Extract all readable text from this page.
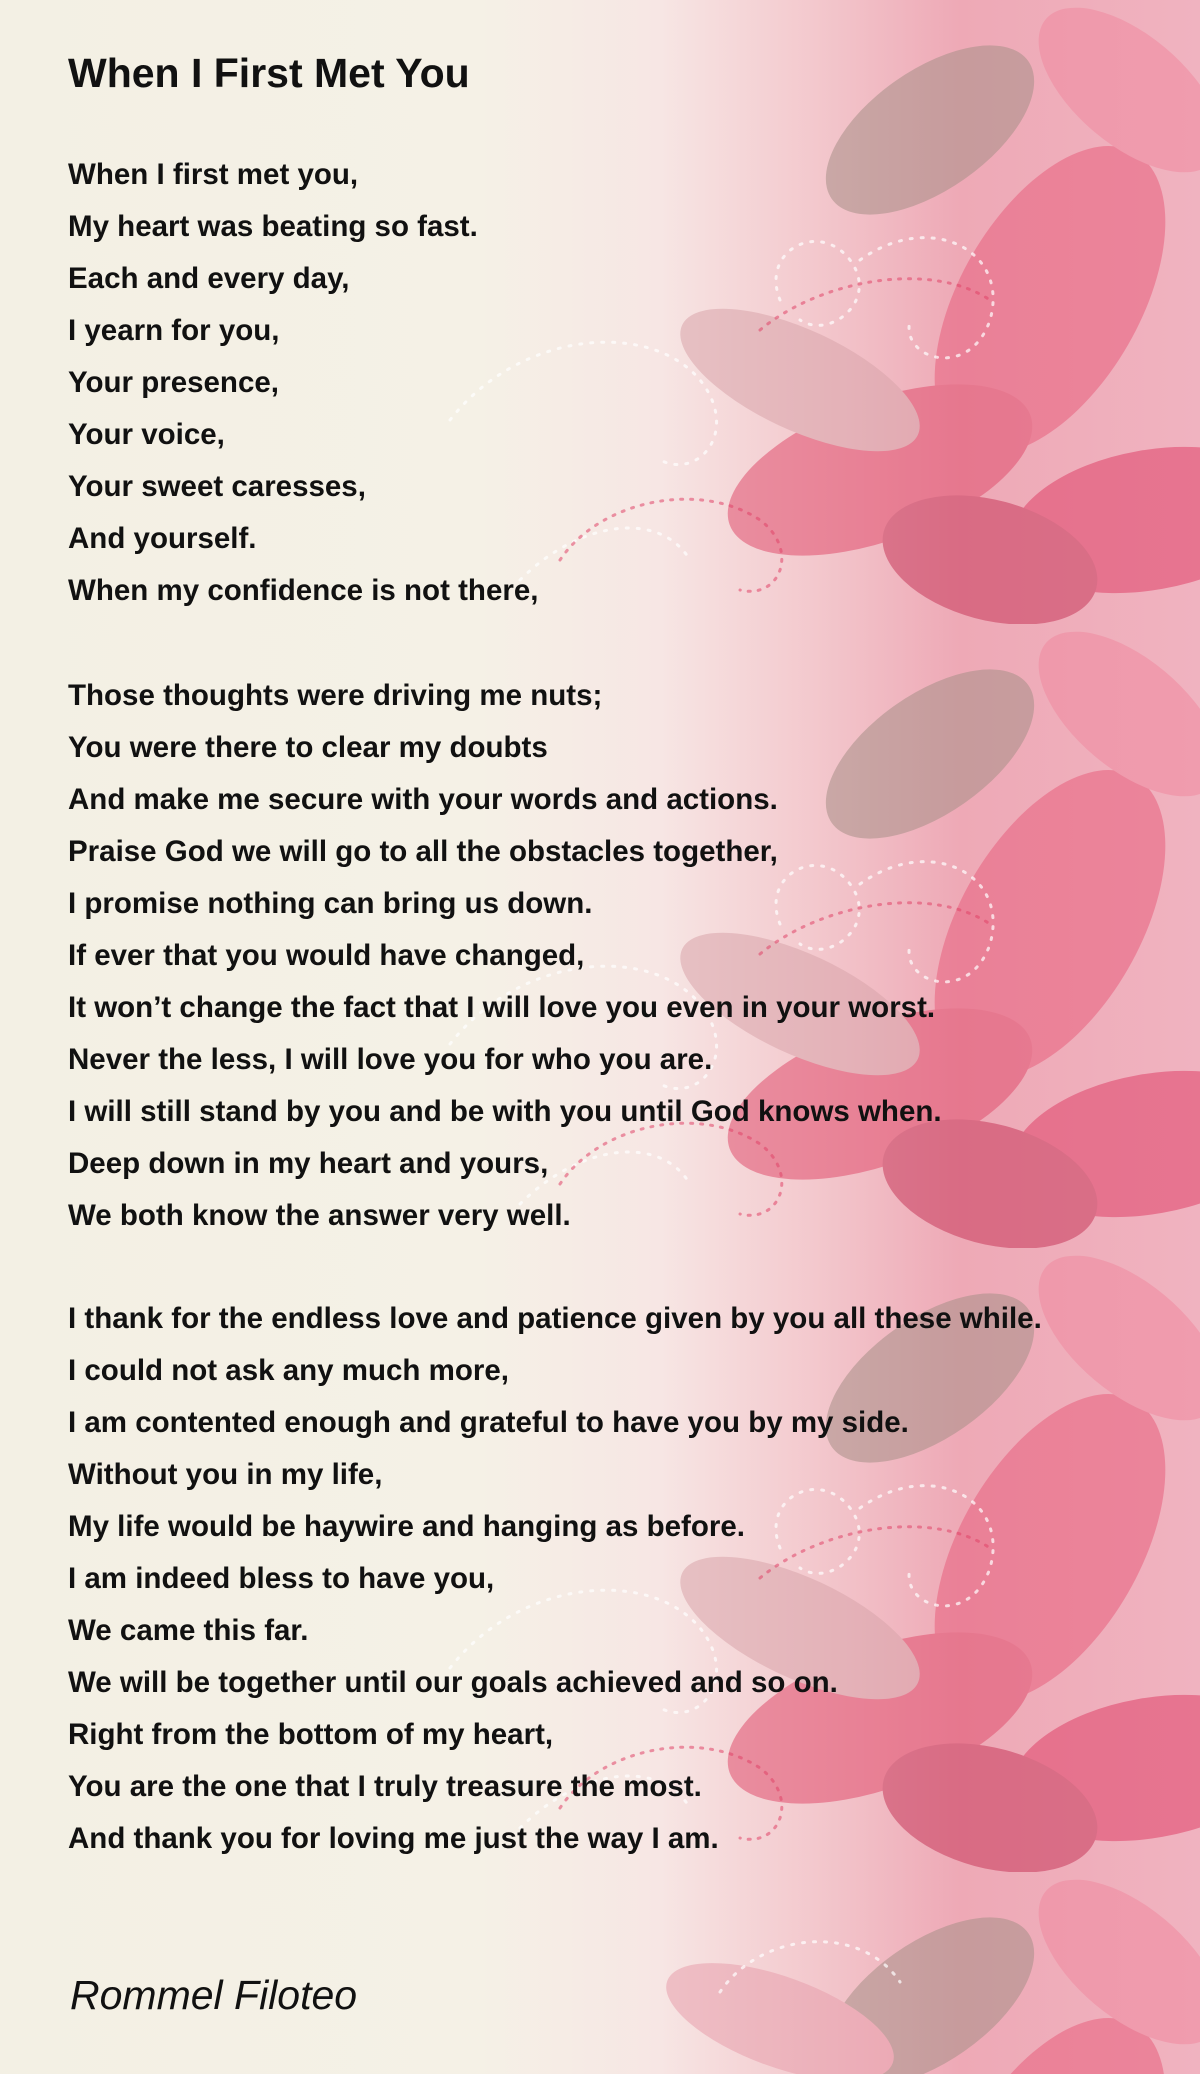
When I First Met You
When I first met you,
My heart was beating so fast.
Each and every day,
I yearn for you,
Your presence,
Your voice,
Your sweet caresses,
And yourself.
When my confidence is not there,
Those thoughts were driving me nuts;
You were there to clear my doubts
And make me secure with your words and actions.
Praise God we will go to all the obstacles together,
I promise nothing can bring us down.
If ever that you would have changed,
It won’t change the fact that I will love you even in your worst.
Never the less, I will love you for who you are.
I will still stand by you and be with you until God knows when.
Deep down in my heart and yours,
We both know the answer very well.
I thank for the endless love and patience given by you all these while.
I could not ask any much more,
I am contented enough and grateful to have you by my side.
Without you in my life,
My life would be haywire and hanging as before.
I am indeed bless to have you,
We came this far.
We will be together until our goals achieved and so on.
Right from the bottom of my heart,
You are the one that I truly treasure the most.
And thank you for loving me just the way I am.
Rommel Filoteo
